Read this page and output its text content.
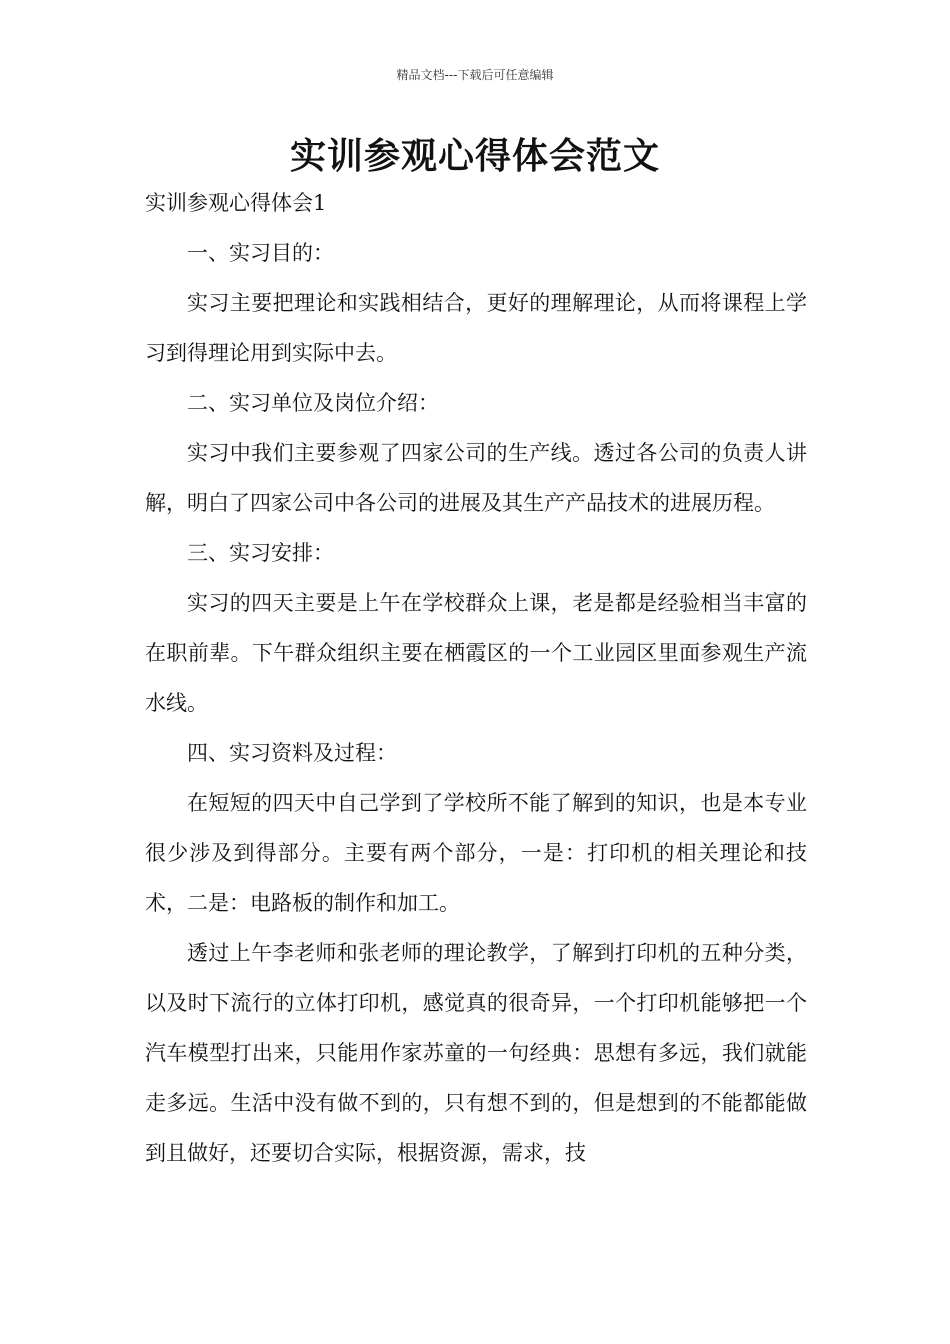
精品文档---下载后可任意编辑
实训参观心得体会范文

实训参观心得体会1

一、实习目的：

实习主要把理论和实践相结合，更好的理解理论，从而将课程上学习到得理论用到实际中去。

二、实习单位及岗位介绍：

实习中我们主要参观了四家公司的生产线。透过各公司的负责人讲解，明白了四家公司中各公司的进展及其生产产品技术的进展历程。

三、实习安排：

实习的四天主要是上午在学校群众上课，老是都是经验相当丰富的在职前辈。下午群众组织主要在栖霞区的一个工业园区里面参观生产流水线。

四、实习资料及过程：

在短短的四天中自己学到了学校所不能了解到的知识，也是本专业很少涉及到得部分。主要有两个部分，一是：打印机的相关理论和技术，二是：电路板的制作和加工。

透过上午李老师和张老师的理论教学，了解到打印机的五种分类，以及时下流行的立体打印机，感觉真的很奇异，一个打印机能够把一个汽车模型打出来，只能用作家苏童的一句经典：思想有多远，我们就能走多远。生活中没有做不到的，只有想不到的，但是想到的不能都能做到且做好，还要切合实际，根据资源，需求，技
